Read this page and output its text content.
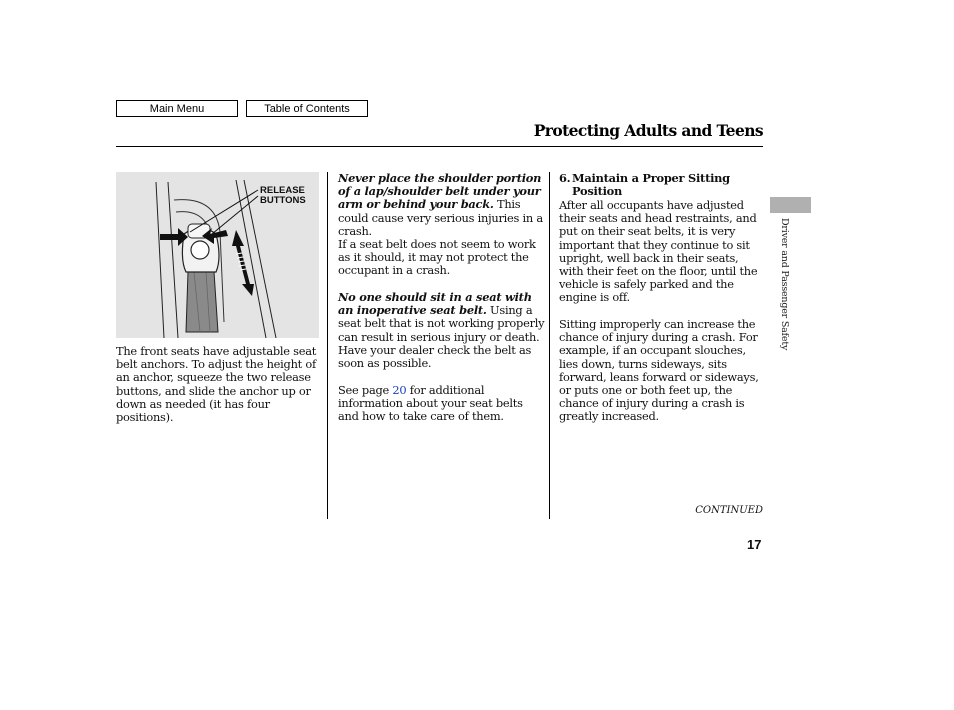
Main Menu	Table of Contents
Protecting Adults and Teens
RELEASE
BUTTONS
The front seats have adjustable seat belt anchors. To adjust the height of an anchor, squeeze the two release buttons, and slide the anchor up or down as needed (it has four positions).
Never place the shoulder portion of a lap/shoulder belt under your arm or behind your back. This could cause very serious injuries in a crash.
If a seat belt does not seem to work as it should, it may not protect the occupant in a crash.
No one should sit in a seat with an inoperative seat belt. Using a seat belt that is not working properly can result in serious injury or death. Have your dealer check the belt as soon as possible.
See page 20 for additional information about your seat belts and how to take care of them.
6. Maintain a Proper Sitting
Position
After all occupants have adjusted their seats and head restraints, and put on their seat belts, it is very important that they continue to sit upright, well back in their seats, with their feet on the floor, until the vehicle is safely parked and the engine is off.
Sitting improperly can increase the chance of injury during a crash. For example, if an occupant slouches, lies down, turns sideways, sits forward, leans forward or sideways, or puts one or both feet up, the chance of injury during a crash is greatly increased.
CONTINUED
17
Driver and Passenger Safety
